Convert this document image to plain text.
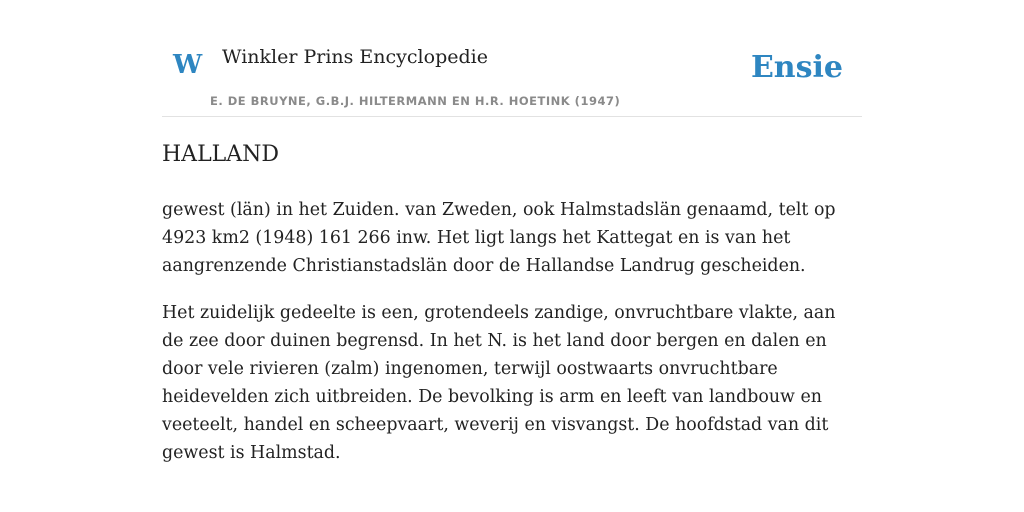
W Winkler Prins Encyclopedie
E. DE BRUYNE, G.B.J. HILTERMANN EN H.R. HOETINK (1947)
Ensie
HALLAND

gewest (län) in het Zuiden. van Zweden, ook Halmstadslän genaamd, telt op 4923 km2 (1948) 161 266 inw. Het ligt langs het Kattegat en is van het aangrenzende Christianstadslän door de Hallandse Landrug gescheiden.

Het zuidelijk gedeelte is een, grotendeels zandige, onvruchtbare vlakte, aan de zee door duinen begrensd. In het N. is het land door bergen en dalen en door vele rivieren (zalm) ingenomen, terwijl oostwaarts onvruchtbare heidevelden zich uitbreiden. De bevolking is arm en leeft van landbouw en veeteelt, handel en scheepvaart, weverij en visvangst. De hoofdstad van dit gewest is Halmstad.
